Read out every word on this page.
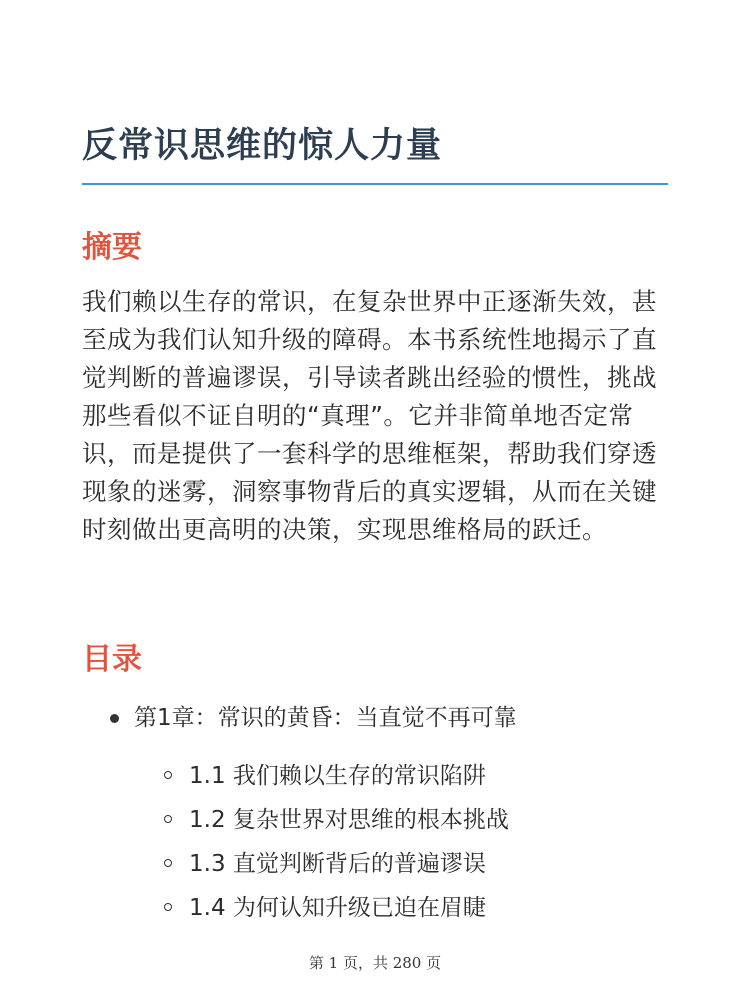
反常识思维的惊人力量
摘要

我们赖以生存的常识，在复杂世界中正逐渐失效，甚至成为我们认知升级的障碍。本书系统性地揭示了直觉判断的普遍谬误，引导读者跳出经验的惯性，挑战那些看似不证自明的“真理”。它并非简单地否定常识，而是提供了一套科学的思维框架，帮助我们穿透现象的迷雾，洞察事物背后的真实逻辑，从而在关键时刻做出更高明的决策，实现思维格局的跃迁。

目录
第1章：常识的黄昏：当直觉不再可靠
1.1 我们赖以生存的常识陷阱
1.2 复杂世界对思维的根本挑战
1.3 直觉判断背后的普遍谬误
1.4 为何认知升级已迫在眉睫
第 1 页，共 280 页
